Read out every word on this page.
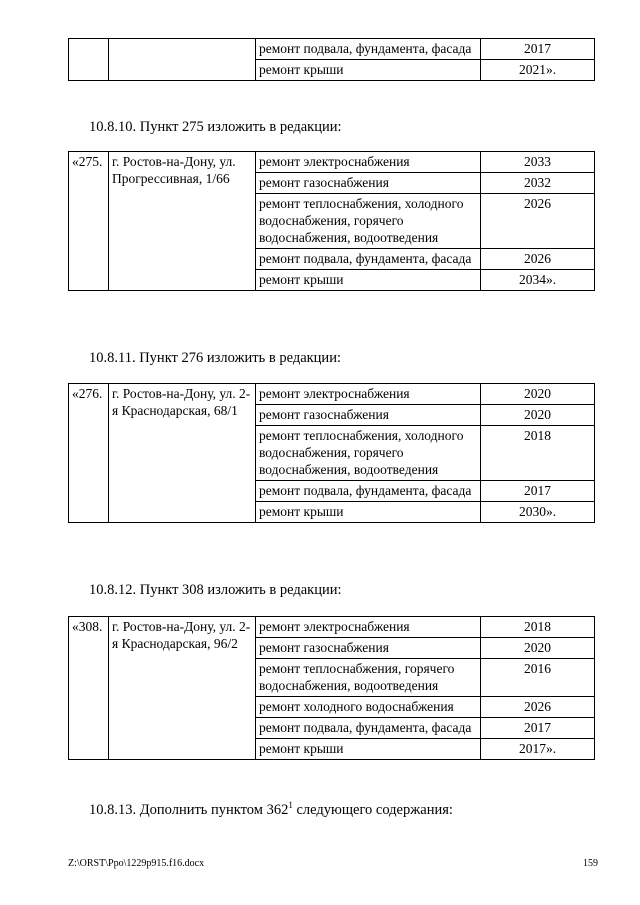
		ремонт подвала, фундамента, фасада	2017
		ремонт крыши	2021».

10.8.10. Пункт 275 изложить в редакции:

«275.	г. Ростов-на-Дону, ул. Прогрессивная, 1/66	ремонт электроснабжения	2033
		ремонт газоснабжения	2032
		ремонт теплоснабжения, холодного водоснабжения, горячего водоснабжения, водоотведения	2026
		ремонт подвала, фундамента, фасада	2026
		ремонт крыши	2034».

10.8.11. Пункт 276 изложить в редакции:

«276.	г. Ростов-на-Дону, ул. 2-я Краснодарская, 68/1	ремонт электроснабжения	2020
		ремонт газоснабжения	2020
		ремонт теплоснабжения, холодного водоснабжения, горячего водоснабжения, водоотведения	2018
		ремонт подвала, фундамента, фасада	2017
		ремонт крыши	2030».

10.8.12. Пункт 308 изложить в редакции:

«308.	г. Ростов-на-Дону, ул. 2-я Краснодарская, 96/2	ремонт электроснабжения	2018
		ремонт газоснабжения	2020
		ремонт теплоснабжения, горячего водоснабжения, водоотведения	2016
		ремонт холодного водоснабжения	2026
		ремонт подвала, фундамента, фасада	2017
		ремонт крыши	2017».

10.8.13. Дополнить пунктом $362^1$ следующего содержания:

Z:\ORST\Ppo\1229p915.f16.docx	159
